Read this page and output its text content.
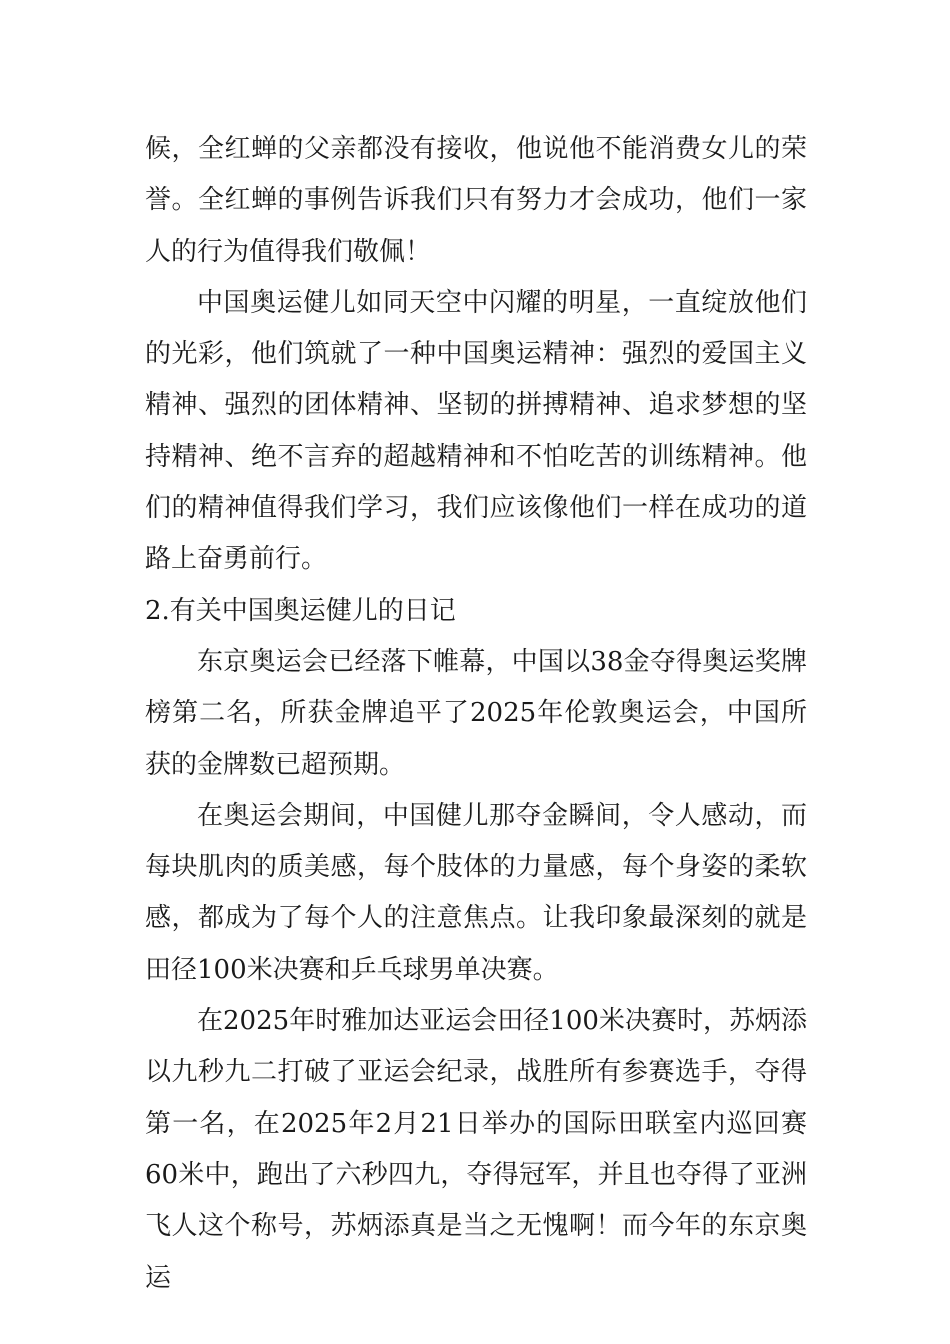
候，全红蝉的父亲都没有接收，他说他不能消费女儿的荣誉。全红蝉的事例告诉我们只有努力才会成功，他们一家人的行为值得我们敬佩！

中国奥运健儿如同天空中闪耀的明星，一直绽放他们的光彩，他们筑就了一种中国奥运精神：强烈的爱国主义精神、强烈的团体精神、坚韧的拼搏精神、追求梦想的坚持精神、绝不言弃的超越精神和不怕吃苦的训练精神。他们的精神值得我们学习，我们应该像他们一样在成功的道路上奋勇前行。

2.有关中国奥运健儿的日记

东京奥运会已经落下帷幕，中国以38金夺得奥运奖牌榜第二名，所获金牌追平了2025年伦敦奥运会，中国所获的金牌数已超预期。

在奥运会期间，中国健儿那夺金瞬间，令人感动，而每块肌肉的质美感，每个肢体的力量感，每个身姿的柔软感，都成为了每个人的注意焦点。让我印象最深刻的就是田径100米决赛和乒乓球男单决赛。

在2025年时雅加达亚运会田径100米决赛时，苏炳添以九秒九二打破了亚运会纪录，战胜所有参赛选手，夺得第一名，在2025年2月21日举办的国际田联室内巡回赛60米中，跑出了六秒四九，夺得冠军，并且也夺得了亚洲飞人这个称号，苏炳添真是当之无愧啊！而今年的东京奥运
